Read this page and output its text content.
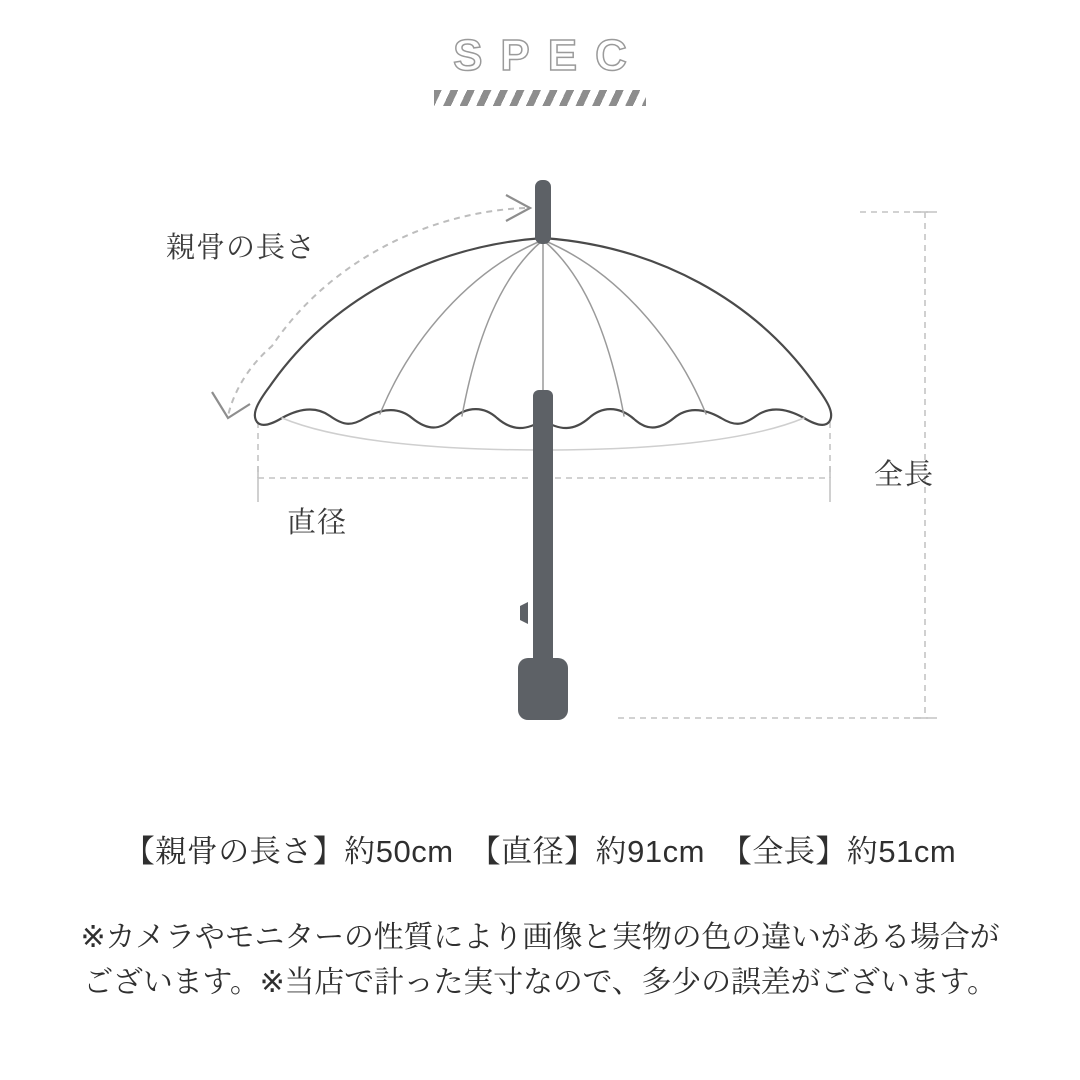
SPEC
親骨の長さ
直径
全長
【親骨の長さ】約50cm　【直径】約91cm　【全長】約51cm
※カメラやモニターの性質により画像と実物の色の違いがある場合が
ございます。※当店で計った実寸なので、多少の誤差がございます。
